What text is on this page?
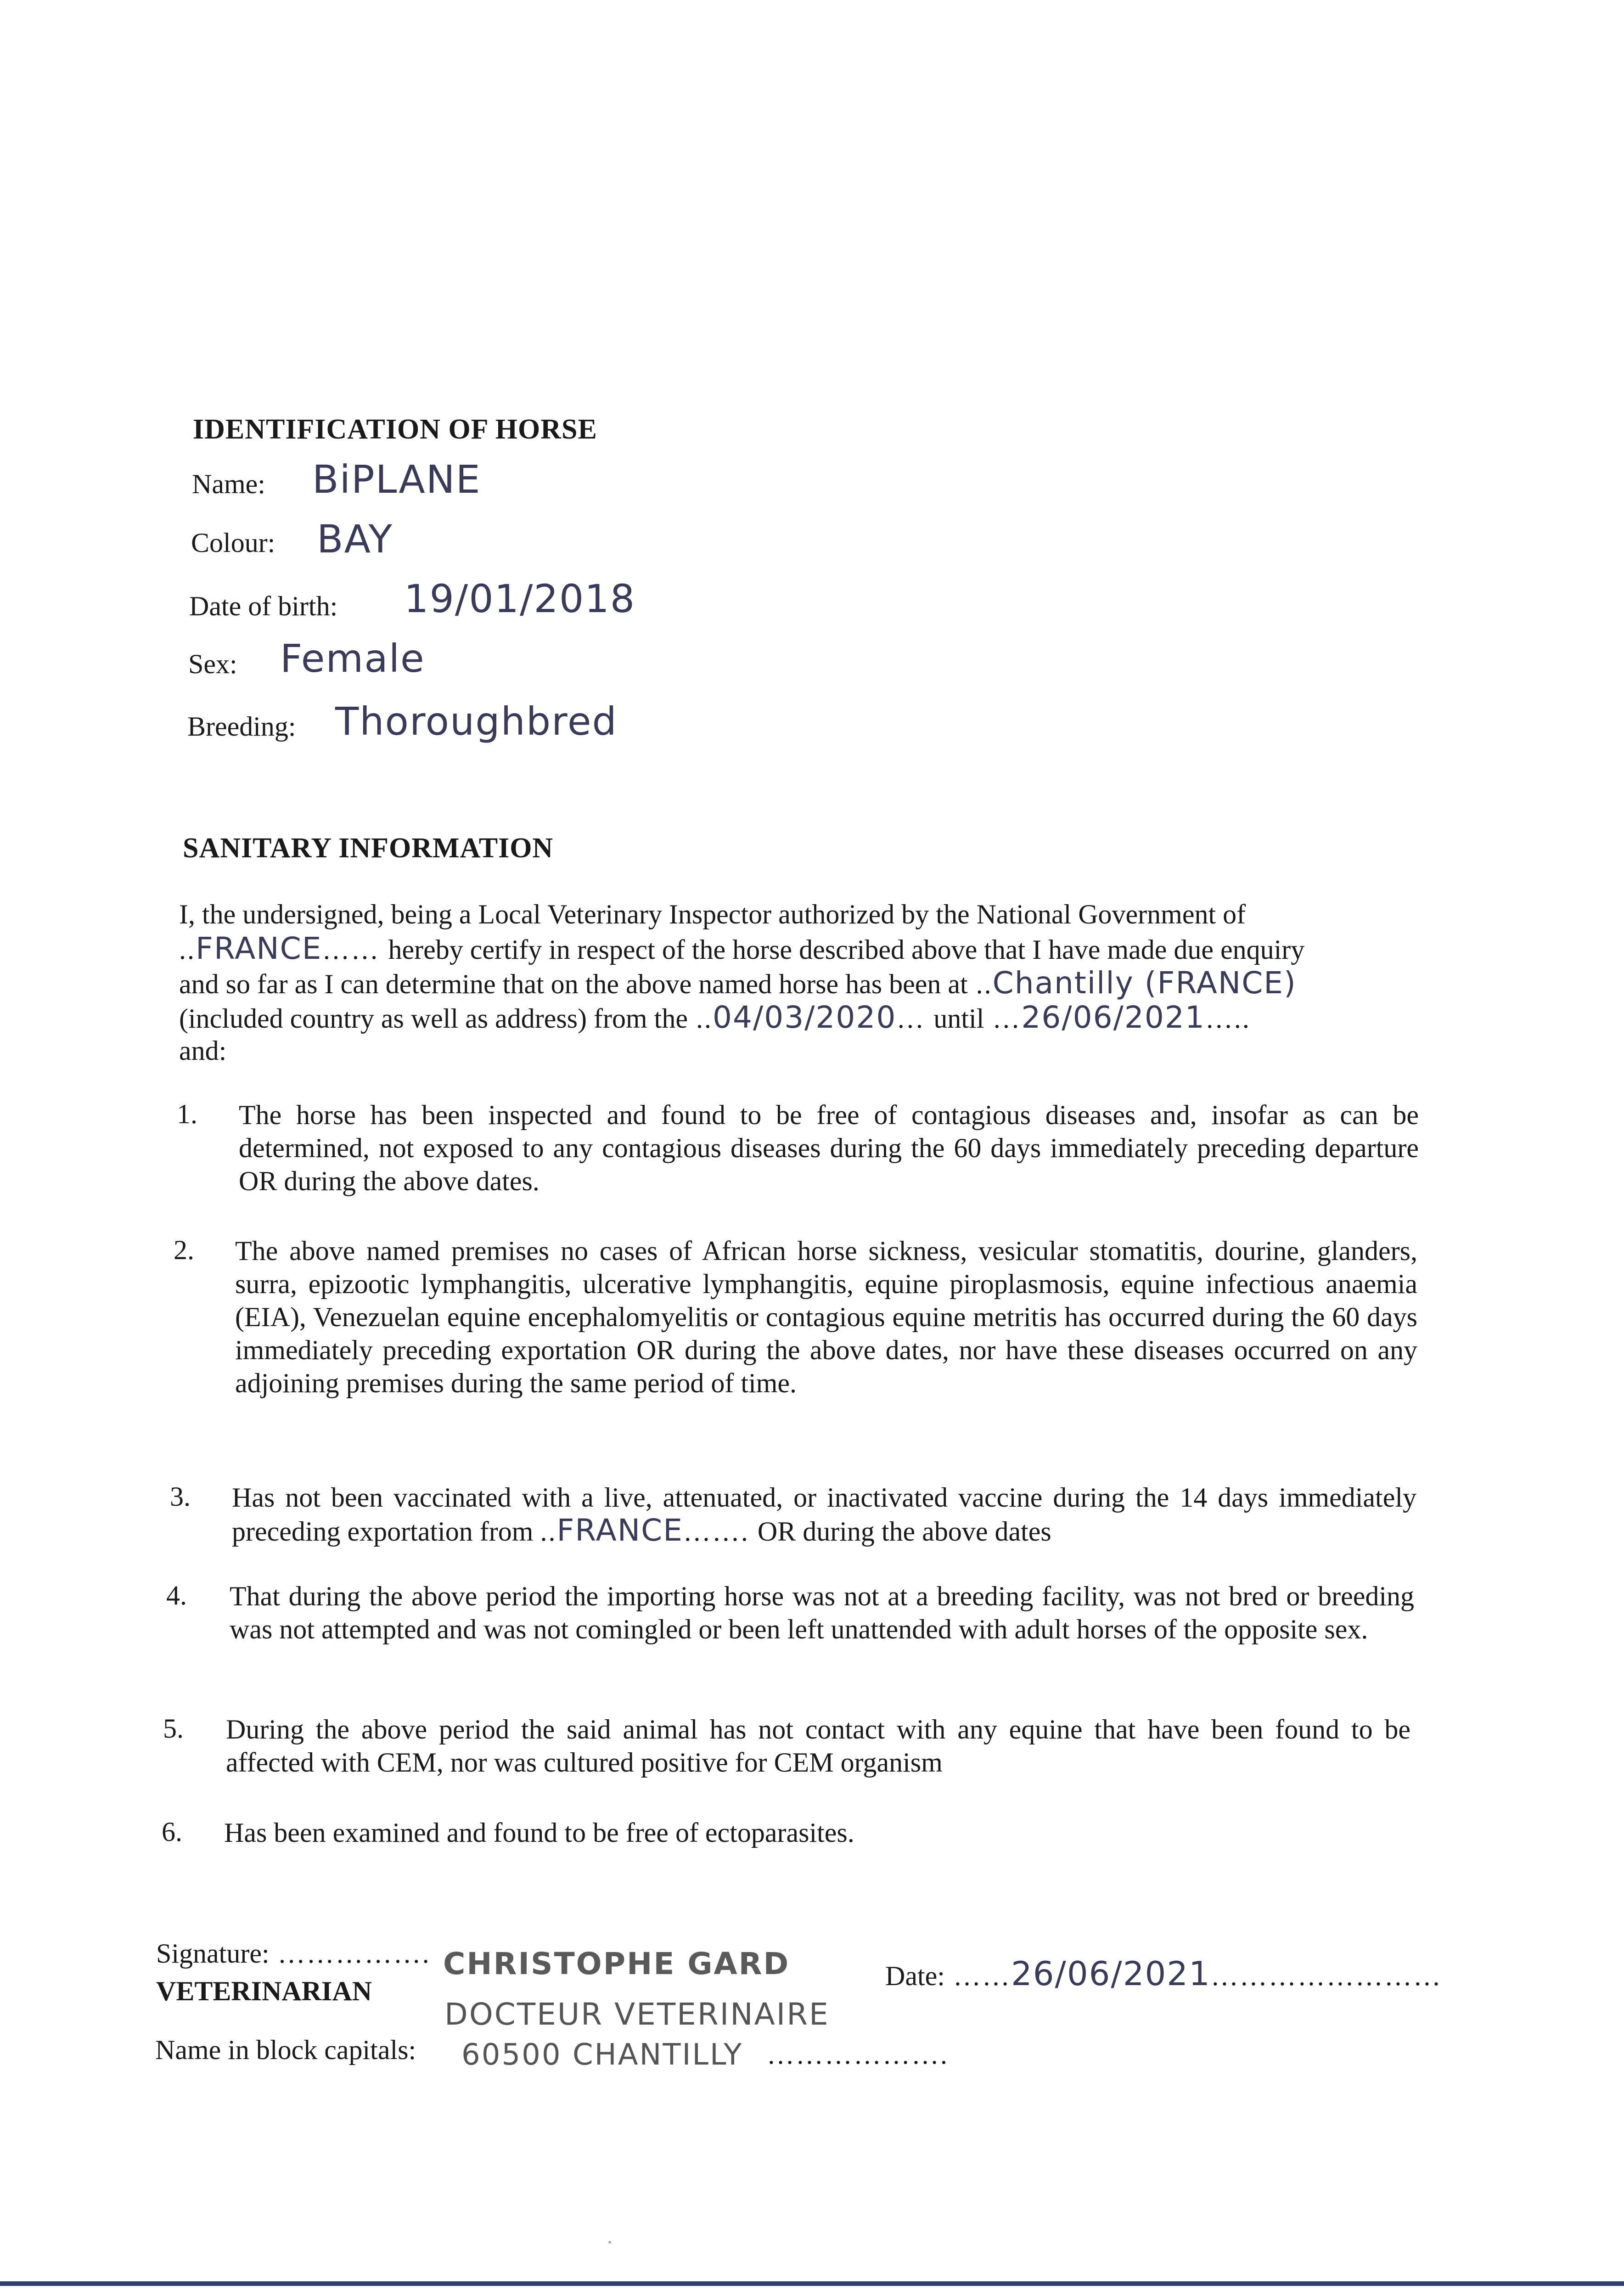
IDENTIFICATION OF HORSE
Name: BiPLANE
Colour: BAY
Date of birth: 19/01/2018
Sex: Female
Breeding: Thoroughbred
SANITARY INFORMATION
I, the undersigned, being a Local Veterinary Inspector authorized by the National Government of
..FRANCE…… hereby certify in respect of the horse described above that I have made due enquiry
and so far as I can determine that on the above named horse has been at ..Chantilly (FRANCE)
(included country as well as address) from the ..04/03/2020… until …26/06/2021…..
and:
1. The horse has been inspected and found to be free of contagious diseases and, insofar as can be determined, not exposed to any contagious diseases during the 60 days immediately preceding departure OR during the above dates.
2. The above named premises no cases of African horse sickness, vesicular stomatitis, dourine, glanders, surra, epizootic lymphangitis, ulcerative lymphangitis, equine piroplasmosis, equine infectious anaemia (EIA), Venezuelan equine encephalomyelitis or contagious equine metritis has occurred during the 60 days immediately preceding exportation OR during the above dates, nor have these diseases occurred on any adjoining premises during the same period of time.
3. Has not been vaccinated with a live, attenuated, or inactivated vaccine during the 14 days immediately preceding exportation from ..FRANCE……. OR during the above dates
4. That during the above period the importing horse was not at a breeding facility, was not bred or breeding was not attempted and was not comingled or been left unattended with adult horses of the opposite sex.
5. During the above period the said animal has not contact with any equine that have been found to be affected with CEM, nor was cultured positive for CEM organism
6. Has been examined and found to be free of ectoparasites.
Signature: ……………. CHRISTOPHE GARD
VETERINARIAN
DOCTEUR VETERINAIRE
Name in block capitals: 60500 CHANTILLY ……………….
Date: ……26/06/2021……………………
